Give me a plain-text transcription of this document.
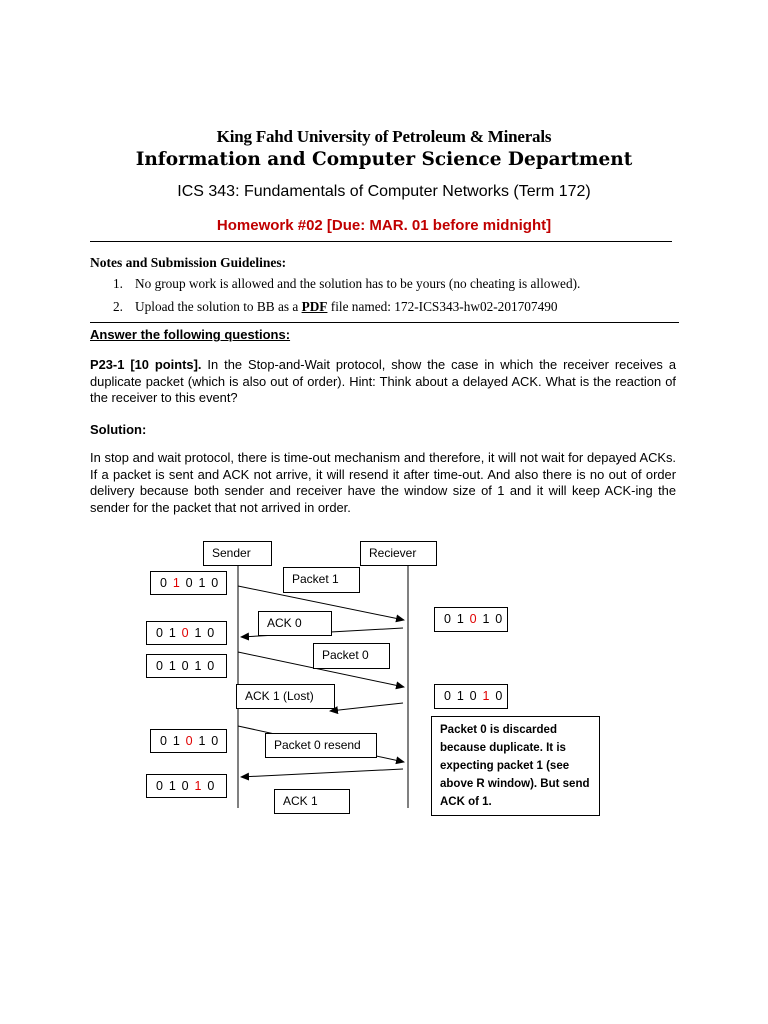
King Fahd University of Petroleum & Minerals
Information and Computer Science Department
ICS 343: Fundamentals of Computer Networks (Term 172)
Homework #02 [Due: MAR. 01 before midnight]
Notes and Submission Guidelines:
1. No group work is allowed and the solution has to be yours (no cheating is allowed).
2. Upload the solution to BB as a PDF file named: 172-ICS343-hw02-201707490
Answer the following questions:
P23-1 [10 points]. In the Stop-and-Wait protocol, show the case in which the receiver receives a duplicate packet (which is also out of order). Hint: Think about a delayed ACK. What is the reaction of the receiver to this event?
Solution:
In stop and wait protocol, there is time-out mechanism and therefore, it will not wait for depayed ACKs. If a packet is sent and ACK not arrive, it will resend it after time-out. And also there is no out of order delivery because both sender and receiver have the window size of 1 and it will keep ACK-ing the sender for the packet that not arrived in order.
Sender	Reciever
0 1 0 1 0
0 1 0 1 0
0 1 0 1 0
0 1 0 1 0
0 1 0 1 0
0 1 0 1 0
0 1 0 1 0
Packet 1
ACK 0
Packet 0
ACK 1 (Lost)
Packet 0 resend
ACK 1
Packet 0 is discarded because duplicate. It is expecting packet 1 (see above R window). But send ACK of 1.
